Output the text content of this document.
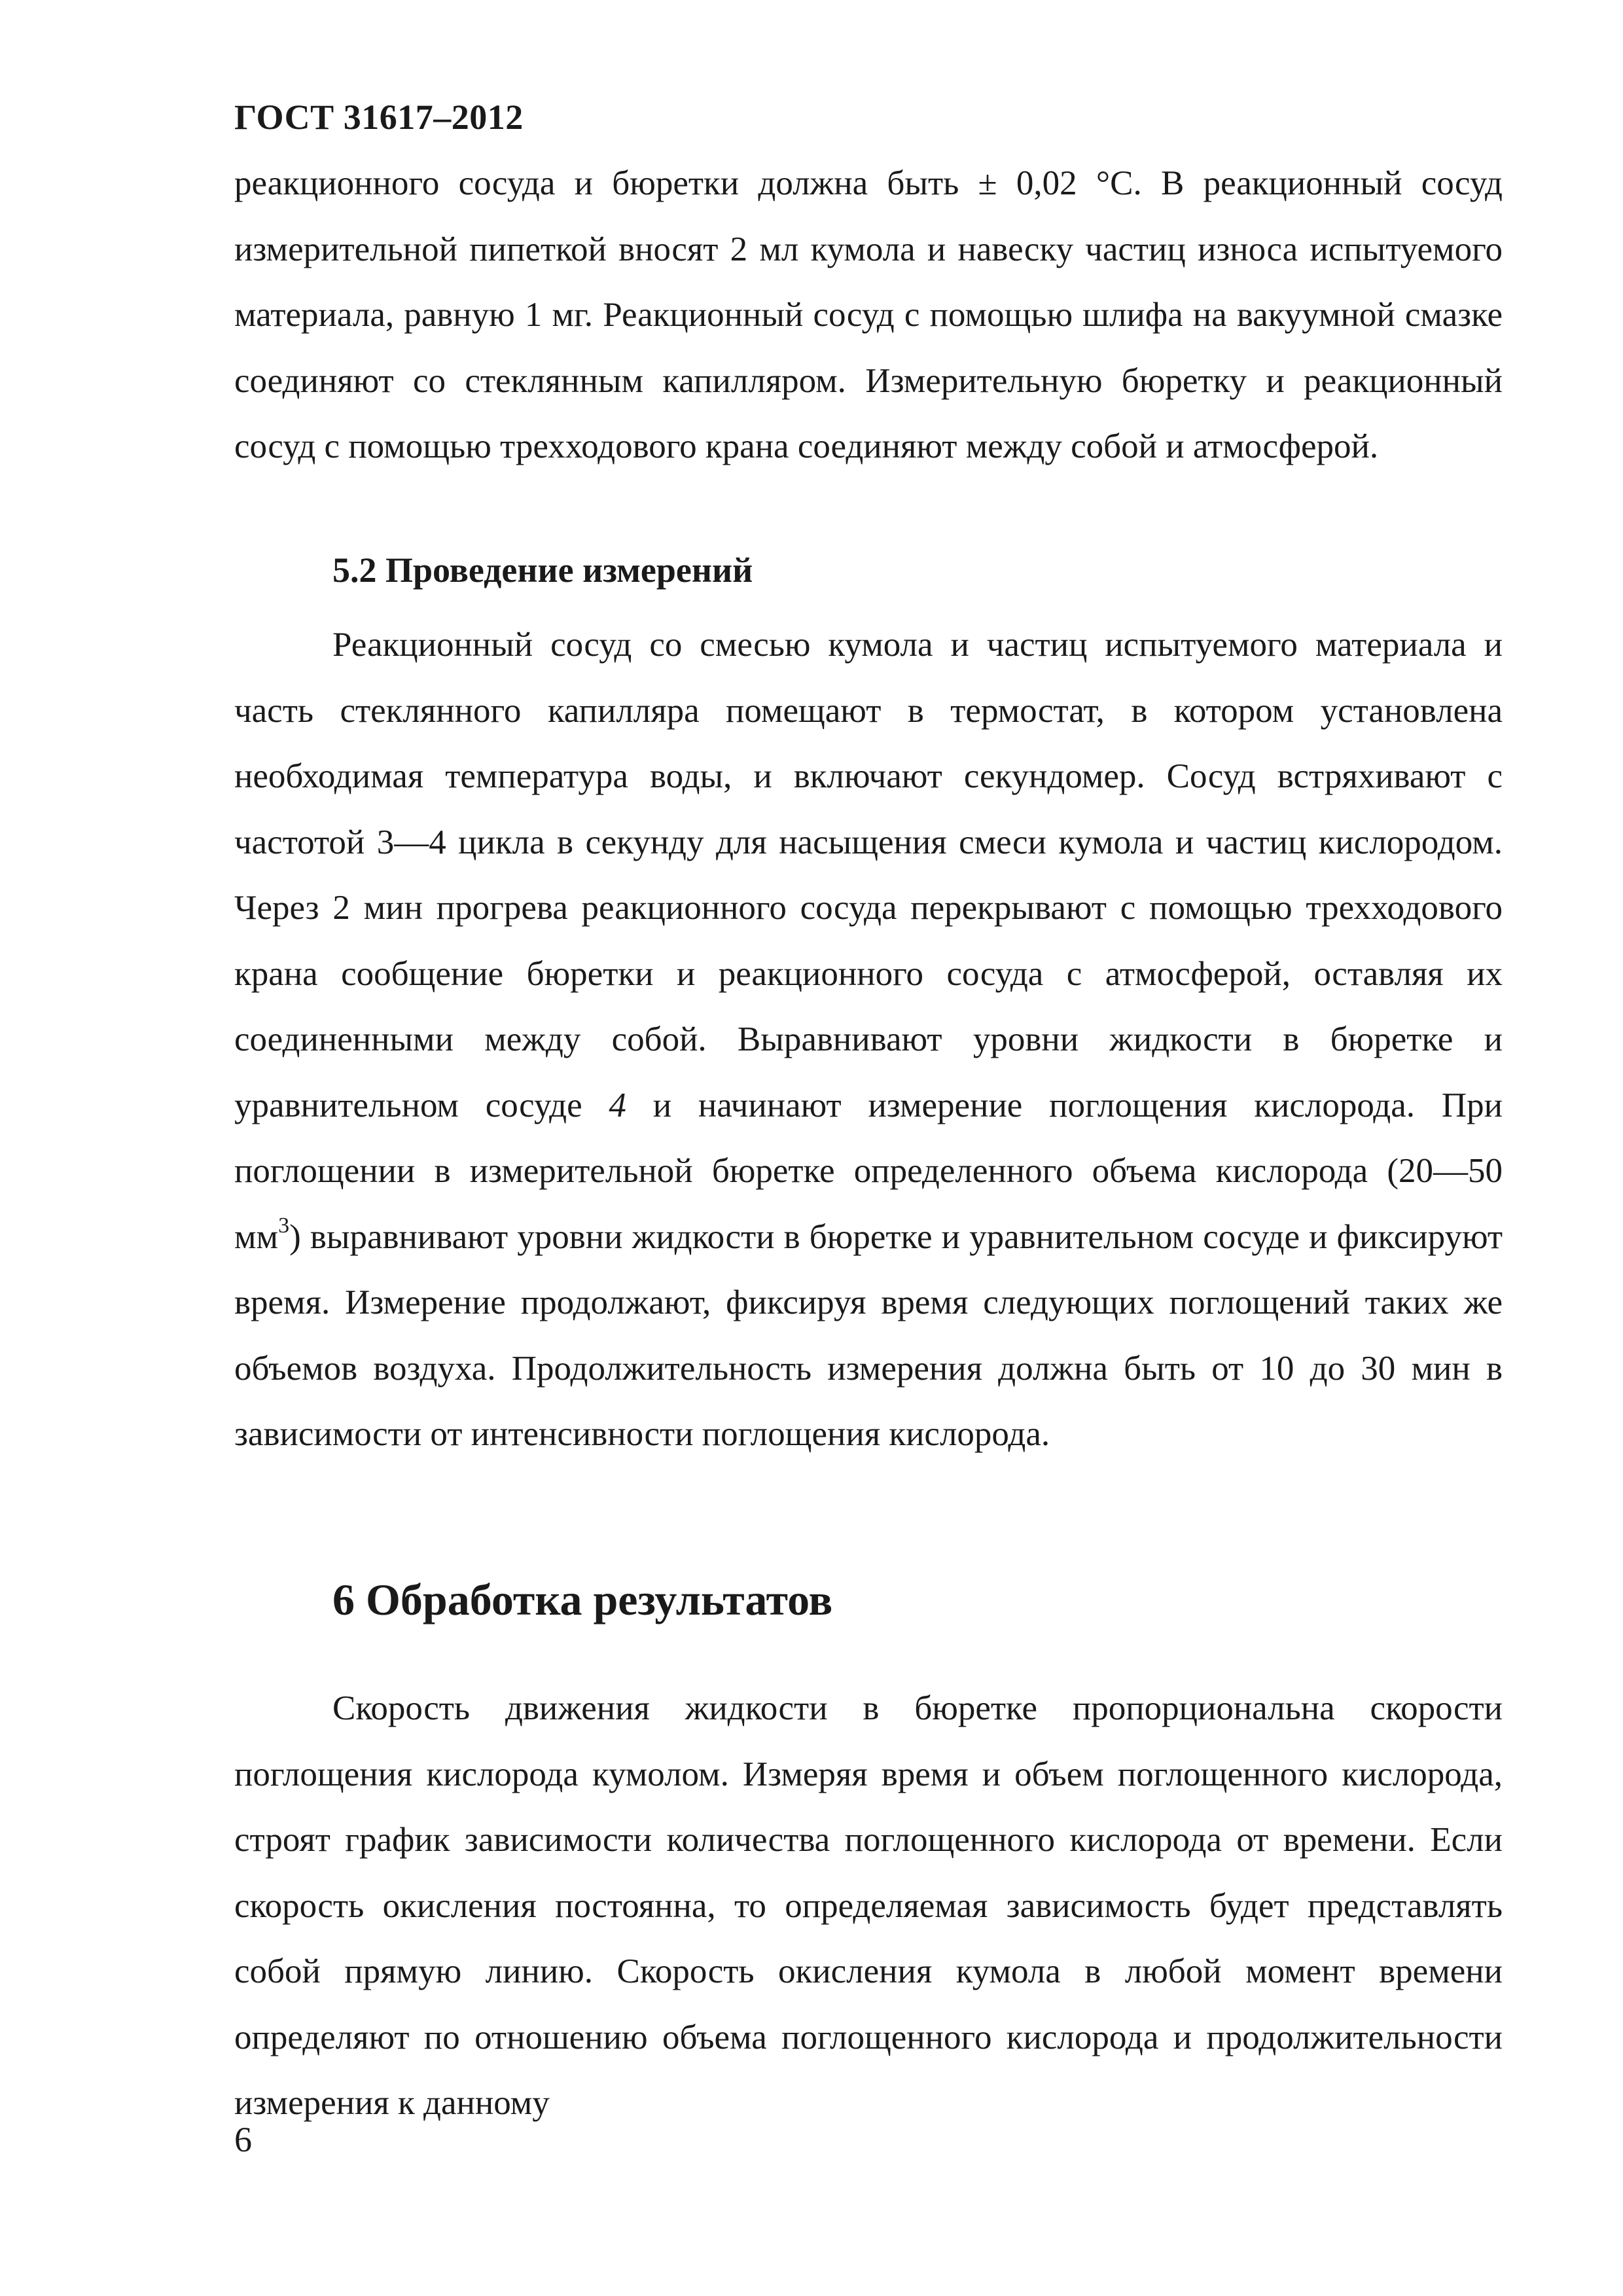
ГОСТ 31617–2012

реакционного сосуда и бюретки должна быть ± 0,02 °С. В реакционный сосуд измерительной пипеткой вносят 2 мл кумола и навеску частиц износа испытуемого материала, равную 1 мг. Реакционный сосуд с помощью шлифа на вакуумной смазке соединяют со стеклянным капилляром. Измерительную бюретку и реакционный сосуд с помощью трехходового крана соединяют между собой и атмосферой.

5.2 Проведение измерений

Реакционный сосуд со смесью кумола и частиц испытуемого материала и часть стеклянного капилляра помещают в термостат, в котором установлена необходимая температура воды, и включают секундомер. Сосуд встряхивают с частотой 3—4 цикла в секунду для насыщения смеси кумола и частиц кислородом. Через 2 мин прогрева реакционного сосуда перекрывают с помощью трехходового крана сообщение бюретки и реакционного сосуда с атмосферой, оставляя их соединенными между собой. Выравнивают уровни жидкости в бюретке и уравнительном сосуде 4 и начинают измерение поглощения кислорода. При поглощении в измерительной бюретке определенного объема кислорода (20—50 $мм^3$) выравнивают уровни жидкости в бюретке и уравнительном сосуде и фиксируют время. Измерение продолжают, фиксируя время следующих поглощений таких же объемов воздуха. Продолжительность измерения должна быть от 10 до 30 мин в зависимости от интенсивности поглощения кислорода.

6 Обработка результатов

Скорость движения жидкости в бюретке пропорциональна скорости поглощения кислорода кумолом. Измеряя время и объем поглощенного кислорода, строят график зависимости количества поглощенного кислорода от времени. Если скорость окисления постоянна, то определяемая зависимость будет представлять собой прямую линию. Скорость окисления кумола в любой момент времени определяют по отношению объема поглощенного кислорода и продолжительности измерения к данному

6
